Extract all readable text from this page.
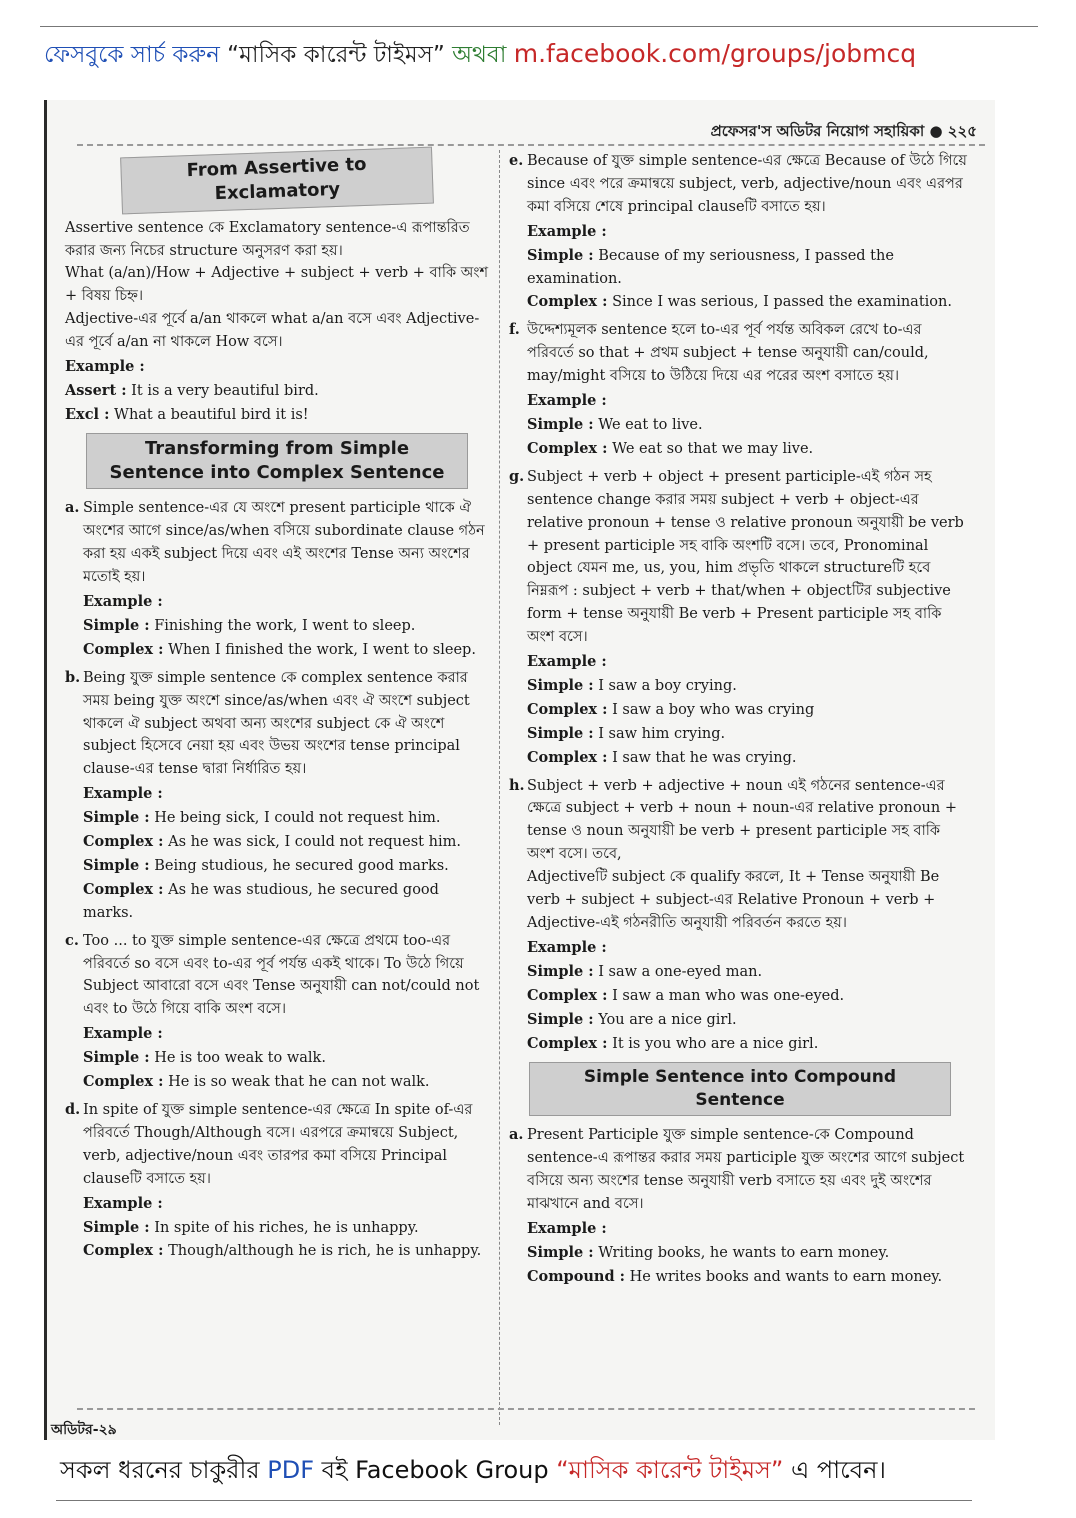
ফেসবুকে সার্চ করুন “মাসিক কারেন্ট টাইমস” অথবা m.facebook.com/groups/jobmcq
প্রফেসর'স অডিটর নিয়োগ সহায়িকা ● ২২৫
From Assertive to Exclamatory

Assertive sentence কে Exclamatory sentence-এ রূপান্তরিত করার জন্য নিচের structure অনুসরণ করা হয়।

What (a/an)/How + Adjective + subject + verb + বাকি অংশ + বিষয় চিহ্ন।

Adjective-এর পূর্বে a/an থাকলে what a/an বসে এবং Adjective-এর পূর্বে a/an না থাকলে How বসে।

Example :
Assert : It is a very beautiful bird.
Excl : What a beautiful bird it is!
Transforming from Simple Sentence into Complex Sentence
a. Simple sentence-এর যে অংশে present participle থাকে ঐ অংশের আগে since/as/when বসিয়ে subordinate clause গঠন করা হয় একই subject দিয়ে এবং এই অংশের Tense অন্য অংশের মতোই হয়।

Example :
Simple : Finishing the work, I went to sleep.
Complex : When I finished the work, I went to sleep.
b. Being যুক্ত simple sentence কে complex sentence করার সময় being যুক্ত অংশে since/as/when এবং ঐ অংশে subject থাকলে ঐ subject অথবা অন্য অংশের subject কে ঐ অংশে subject হিসেবে নেয়া হয় এবং উভয় অংশের tense principal clause-এর tense দ্বারা নির্ধারিত হয়।

Example :
Simple : He being sick, I could not request him.
Complex : As he was sick, I could not request him.
Simple : Being studious, he secured good marks.
Complex : As he was studious, he secured good marks.
c. Too ... to যুক্ত simple sentence-এর ক্ষেত্রে প্রথমে too-এর পরিবর্তে so বসে এবং to-এর পূর্ব পর্যন্ত একই থাকে। To উঠে গিয়ে Subject আবারো বসে এবং Tense অনুযায়ী can not/could not এবং to উঠে গিয়ে বাকি অংশ বসে।

Example :
Simple : He is too weak to walk.
Complex : He is so weak that he can not walk.
d. In spite of যুক্ত simple sentence-এর ক্ষেত্রে In spite of-এর পরিবর্তে Though/Although বসে। এরপরে ক্রমান্বয়ে Subject, verb, adjective/noun এবং তারপর কমা বসিয়ে Principal clauseটি বসাতে হয়।

Example :
Simple : In spite of his riches, he is unhappy.
Complex : Though/although he is rich, he is unhappy.
e. Because of যুক্ত simple sentence-এর ক্ষেত্রে Because of উঠে গিয়ে since এবং পরে ক্রমান্বয়ে subject, verb, adjective/noun এবং এরপর কমা বসিয়ে শেষে principal clauseটি বসাতে হয়।

Example :
Simple : Because of my seriousness, I passed the examination.
Complex : Since I was serious, I passed the examination.
f. উদ্দেশ্যমূলক sentence হলে to-এর পূর্ব পর্যন্ত অবিকল রেখে to-এর পরিবর্তে so that + প্রথম subject + tense অনুযায়ী can/could, may/might বসিয়ে to উঠিয়ে দিয়ে এর পরের অংশ বসাতে হয়।

Example :
Simple : We eat to live.
Complex : We eat so that we may live.
g. Subject + verb + object + present participle-এই গঠন সহ sentence change করার সময় subject + verb + object-এর relative pronoun + tense ও relative pronoun অনুযায়ী be verb + present participle সহ বাকি অংশটি বসে। তবে, Pronominal object যেমন me, us, you, him প্রভৃতি থাকলে structureটি হবে নিম্নরূপ : subject + verb + that/when + objectটির subjective form + tense অনুযায়ী Be verb + Present participle সহ বাকি অংশ বসে।

Example :
Simple : I saw a boy crying.
Complex : I saw a boy who was crying
Simple : I saw him crying.
Complex : I saw that he was crying.
h. Subject + verb + adjective + noun এই গঠনের sentence-এর ক্ষেত্রে subject + verb + noun + noun-এর relative pronoun + tense ও noun অনুযায়ী be verb + present participle সহ বাকি অংশ বসে। তবে,

Adjectiveটি subject কে qualify করলে, It + Tense অনুযায়ী Be verb + subject + subject-এর Relative Pronoun + verb + Adjective-এই গঠনরীতি অনুযায়ী পরিবর্তন করতে হয়।

Example :
Simple : I saw a one-eyed man.
Complex : I saw a man who was one-eyed.
Simple : You are a nice girl.
Complex : It is you who are a nice girl.
Simple Sentence into Compound Sentence
a. Present Participle যুক্ত simple sentence-কে Compound sentence-এ রূপান্তর করার সময় participle যুক্ত অংশের আগে subject বসিয়ে অন্য অংশের tense অনুযায়ী verb বসাতে হয় এবং দুই অংশের মাঝখানে and বসে।

Example :
Simple : Writing books, he wants to earn money.
Compound : He writes books and wants to earn money.
অডিটর-২৯
সকল ধরনের চাকুরীর PDF বই Facebook Group “মাসিক কারেন্ট টাইমস” এ পাবেন।
